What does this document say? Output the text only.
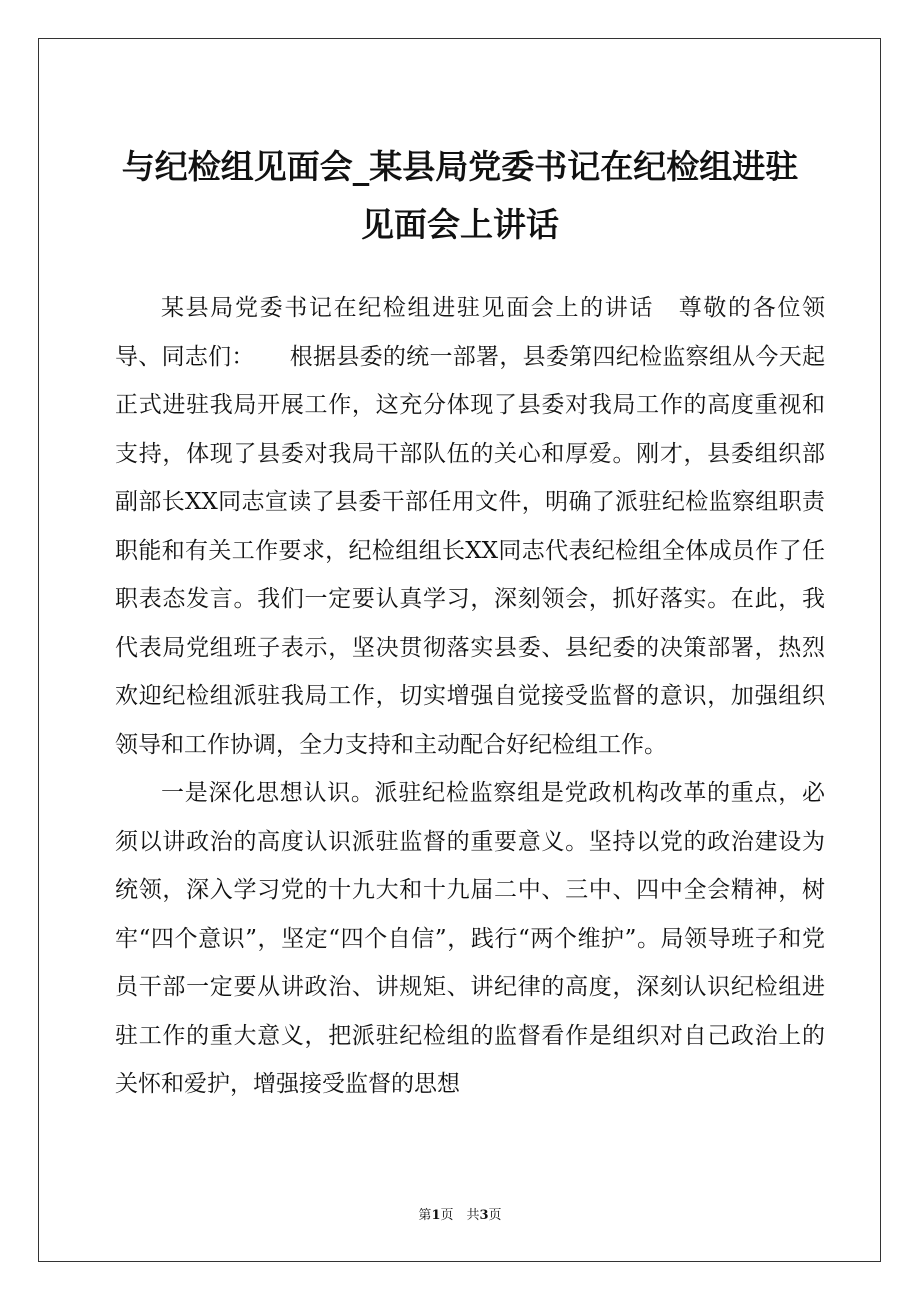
与纪检组见面会_某县局党委书记在纪检组进驻
见面会上讲话

某县局党委书记在纪检组进驻见面会上的讲话　尊敬的各位领导、同志们：　　根据县委的统一部署，县委第四纪检监察组从今天起正式进驻我局开展工作，这充分体现了县委对我局工作的高度重视和支持，体现了县委对我局干部队伍的关心和厚爱。刚才，县委组织部副部长XX同志宣读了县委干部任用文件，明确了派驻纪检监察组职责职能和有关工作要求，纪检组组长XX同志代表纪检组全体成员作了任职表态发言。我们一定要认真学习，深刻领会，抓好落实。在此，我代表局党组班子表示，坚决贯彻落实县委、县纪委的决策部署，热烈欢迎纪检组派驻我局工作，切实增强自觉接受监督的意识，加强组织领导和工作协调，全力支持和主动配合好纪检组工作。

一是深化思想认识。派驻纪检监察组是党政机构改革的重点，必须以讲政治的高度认识派驻监督的重要意义。坚持以党的政治建设为统领，深入学习党的十九大和十九届二中、三中、四中全会精神，树牢“四个意识”，坚定“四个自信”，践行“两个维护”。局领导班子和党员干部一定要从讲政治、讲规矩、讲纪律的高度，深刻认识纪检组进驻工作的重大意义，把派驻纪检组的监督看作是组织对自己政治上的关怀和爱护，增强接受监督的思想

第1页　共3页
